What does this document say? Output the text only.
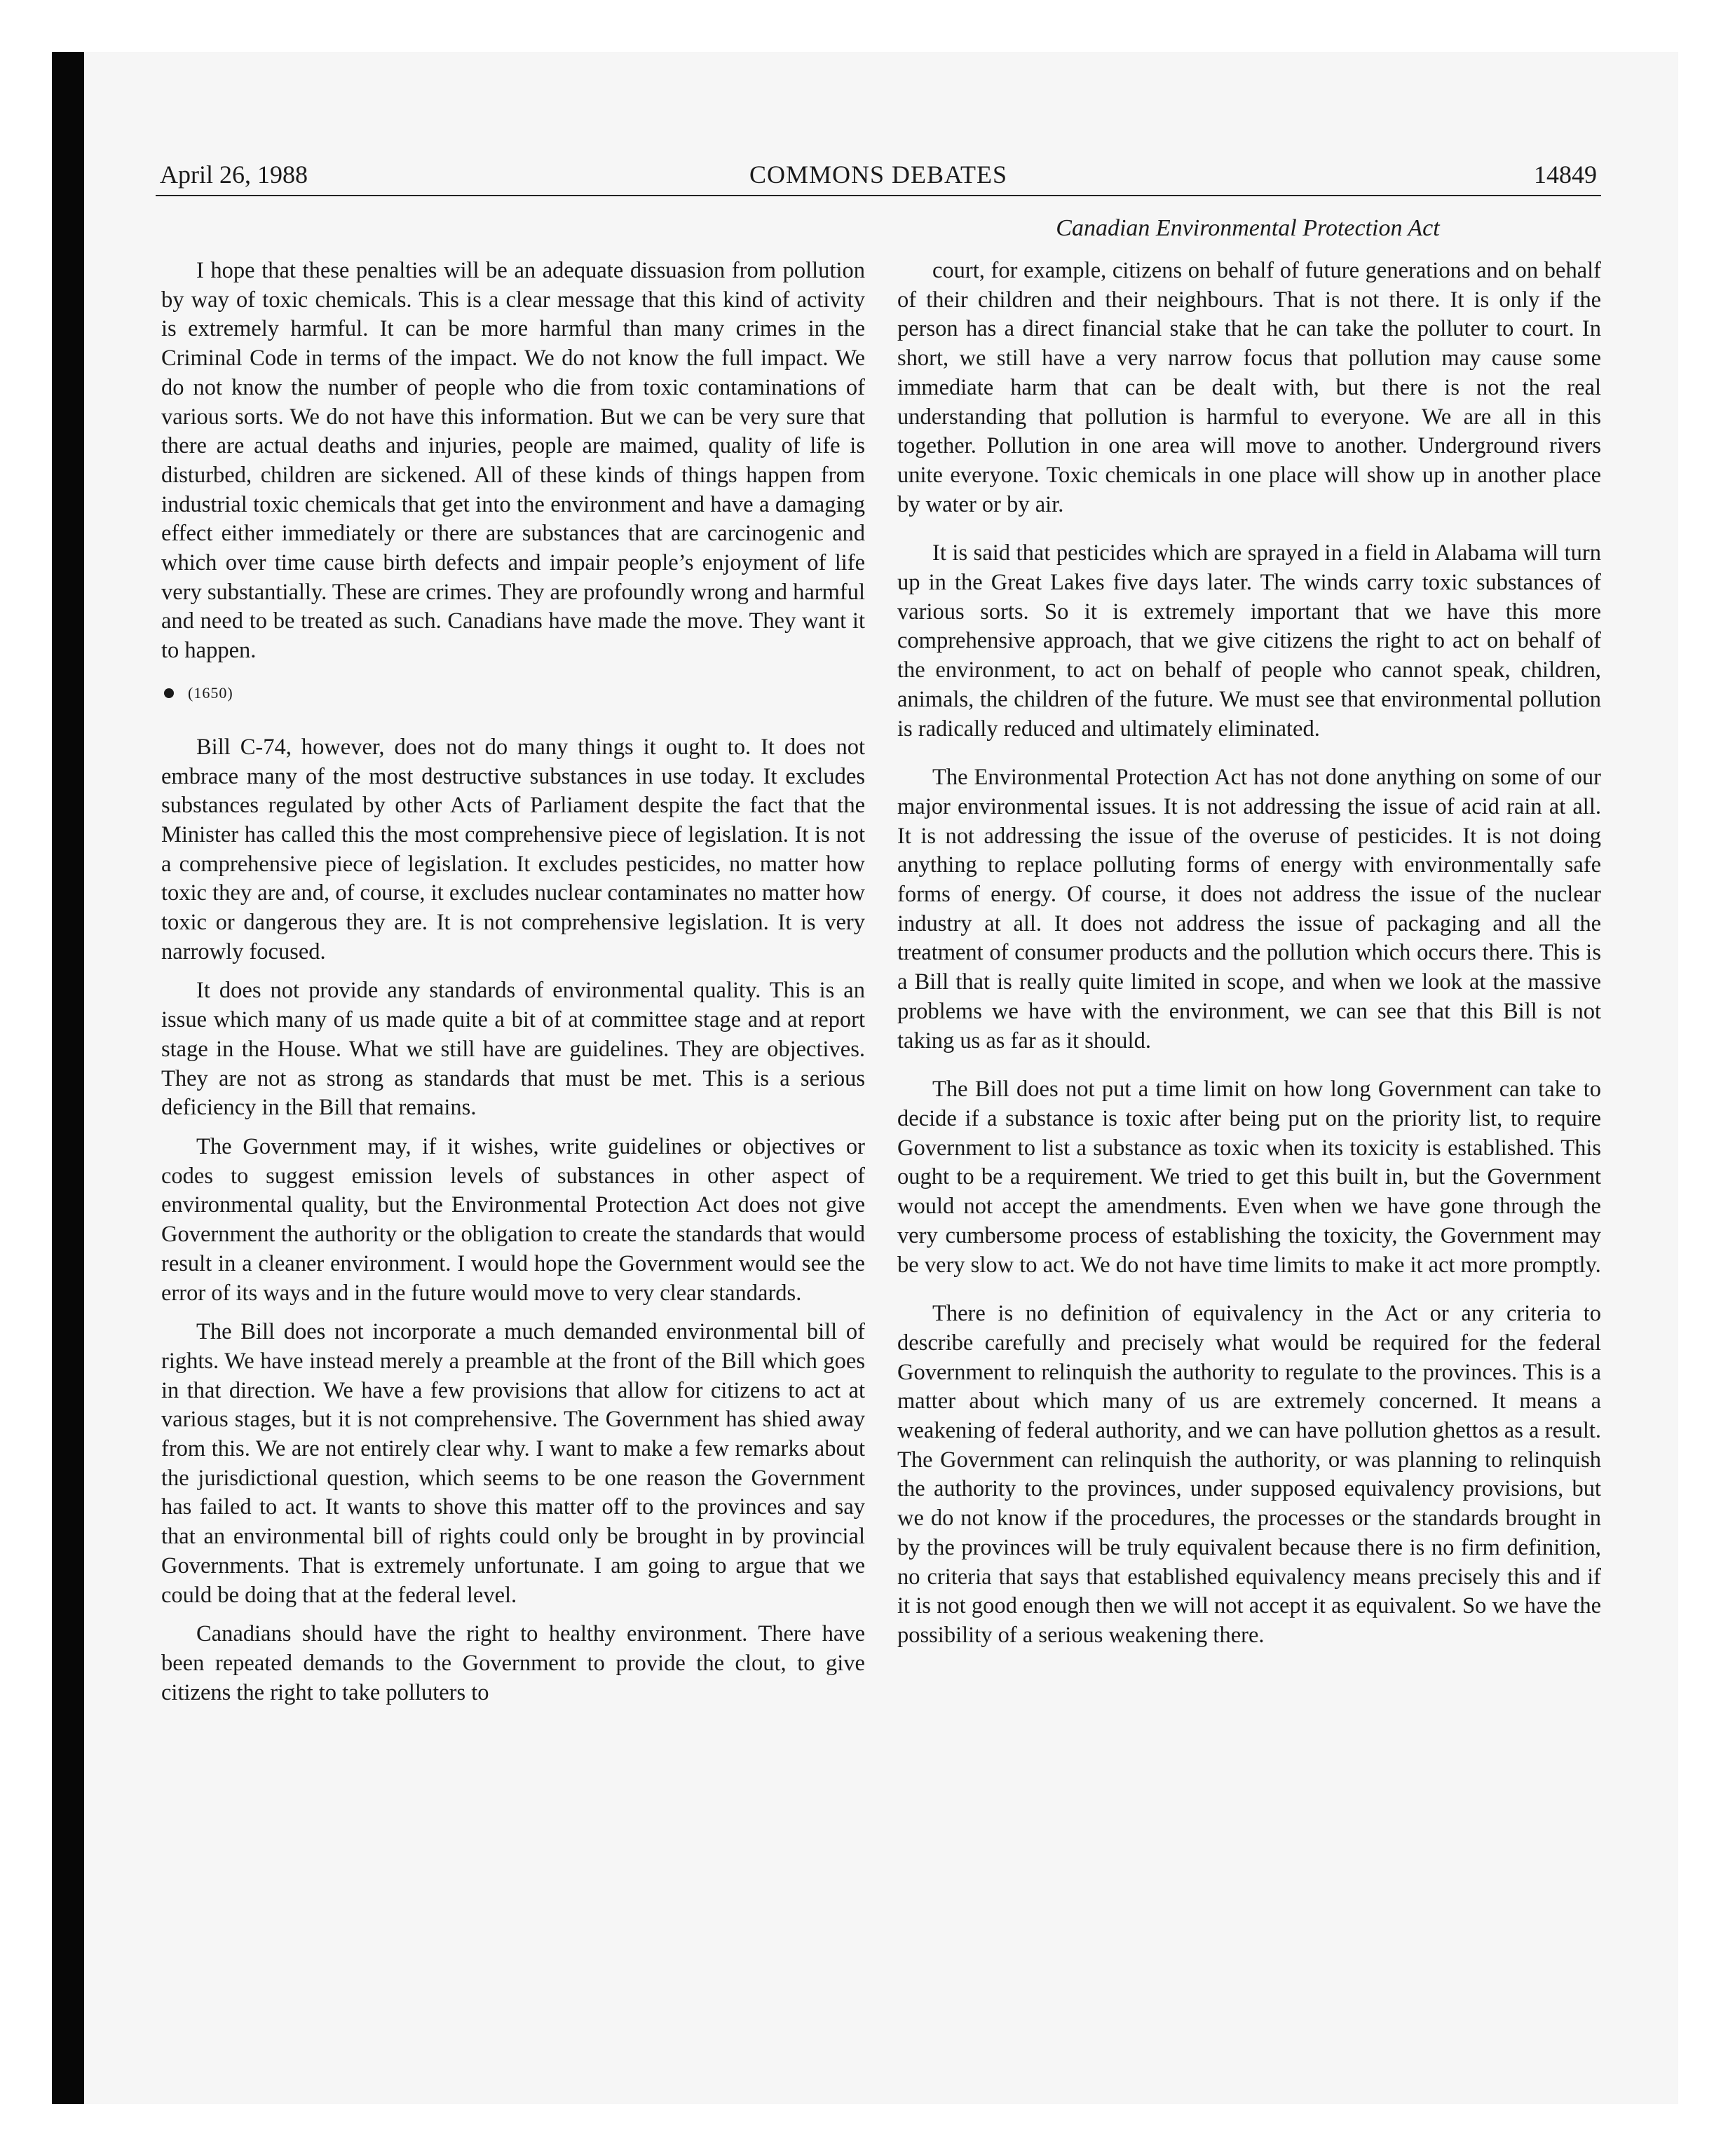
April 26, 1988	COMMONS DEBATES	14849
Canadian Environmental Protection Act

I hope that these penalties will be an adequate dissuasion from pollution by way of toxic chemicals. This is a clear message that this kind of activity is extremely harmful. It can be more harmful than many crimes in the Criminal Code in terms of the impact. We do not know the full impact. We do not know the number of people who die from toxic contaminations of various sorts. We do not have this information. But we can be very sure that there are actual deaths and injuries, people are maimed, quality of life is disturbed, children are sickened. All of these kinds of things happen from industrial toxic chemicals that get into the environment and have a damaging effect either immediately or there are substances that are carcinogenic and which over time cause birth defects and impair people’s enjoyment of life very substantially. These are crimes. They are profoundly wrong and harmful and need to be treated as such. Canadians have made the move. They want it to happen.

(1650)

Bill C-74, however, does not do many things it ought to. It does not embrace many of the most destructive substances in use today. It excludes substances regulated by other Acts of Parliament despite the fact that the Minister has called this the most comprehensive piece of legislation. It is not a comprehensive piece of legislation. It excludes pesticides, no matter how toxic they are and, of course, it excludes nuclear contaminates no matter how toxic or dangerous they are. It is not comprehensive legislation. It is very narrowly focused.

It does not provide any standards of environmental quality. This is an issue which many of us made quite a bit of at committee stage and at report stage in the House. What we still have are guidelines. They are objectives. They are not as strong as standards that must be met. This is a serious deficiency in the Bill that remains.

The Government may, if it wishes, write guidelines or objectives or codes to suggest emission levels of substances in other aspect of environmental quality, but the Environmental Protection Act does not give Government the authority or the obligation to create the standards that would result in a cleaner environment. I would hope the Government would see the error of its ways and in the future would move to very clear standards.

The Bill does not incorporate a much demanded environmental bill of rights. We have instead merely a preamble at the front of the Bill which goes in that direction. We have a few provisions that allow for citizens to act at various stages, but it is not comprehensive. The Government has shied away from this. We are not entirely clear why. I want to make a few remarks about the jurisdictional question, which seems to be one reason the Government has failed to act. It wants to shove this matter off to the provinces and say that an environmental bill of rights could only be brought in by provincial Governments. That is extremely unfortunate. I am going to argue that we could be doing that at the federal level.

Canadians should have the right to healthy environment. There have been repeated demands to the Government to provide the clout, to give citizens the right to take polluters to

court, for example, citizens on behalf of future generations and on behalf of their children and their neighbours. That is not there. It is only if the person has a direct financial stake that he can take the polluter to court. In short, we still have a very narrow focus that pollution may cause some immediate harm that can be dealt with, but there is not the real understanding that pollution is harmful to everyone. We are all in this together. Pollution in one area will move to another. Underground rivers unite everyone. Toxic chemicals in one place will show up in another place by water or by air.

It is said that pesticides which are sprayed in a field in Alabama will turn up in the Great Lakes five days later. The winds carry toxic substances of various sorts. So it is extremely important that we have this more comprehensive approach, that we give citizens the right to act on behalf of the environment, to act on behalf of people who cannot speak, children, animals, the children of the future. We must see that environmental pollution is radically reduced and ultimately eliminated.

The Environmental Protection Act has not done anything on some of our major environmental issues. It is not addressing the issue of acid rain at all. It is not addressing the issue of the overuse of pesticides. It is not doing anything to replace polluting forms of energy with environmentally safe forms of energy. Of course, it does not address the issue of the nuclear industry at all. It does not address the issue of packaging and all the treatment of consumer products and the pollution which occurs there. This is a Bill that is really quite limited in scope, and when we look at the massive problems we have with the environment, we can see that this Bill is not taking us as far as it should.

The Bill does not put a time limit on how long Government can take to decide if a substance is toxic after being put on the priority list, to require Government to list a substance as toxic when its toxicity is established. This ought to be a requirement. We tried to get this built in, but the Government would not accept the amendments. Even when we have gone through the very cumbersome process of establishing the toxicity, the Government may be very slow to act. We do not have time limits to make it act more promptly.

There is no definition of equivalency in the Act or any criteria to describe carefully and precisely what would be required for the federal Government to relinquish the authority to regulate to the provinces. This is a matter about which many of us are extremely concerned. It means a weakening of federal authority, and we can have pollution ghettos as a result. The Government can relinquish the authority, or was planning to relinquish the authority to the provinces, under supposed equivalency provisions, but we do not know if the procedures, the processes or the standards brought in by the provinces will be truly equivalent because there is no firm definition, no criteria that says that established equivalency means precisely this and if it is not good enough then we will not accept it as equivalent. So we have the possibility of a serious weakening there.
